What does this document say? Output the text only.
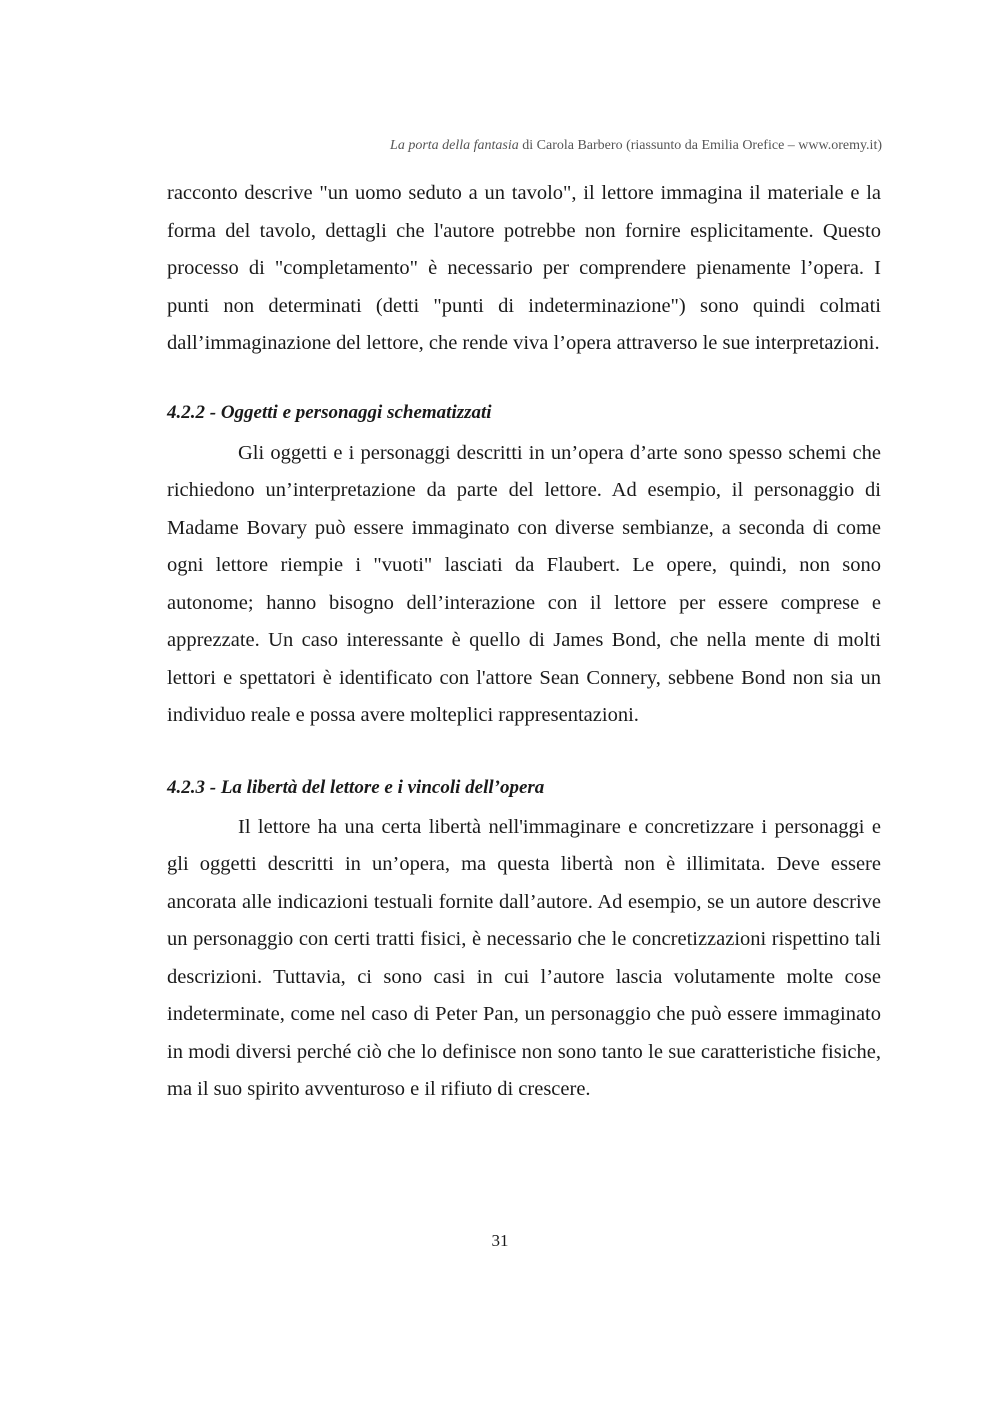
La porta della fantasia di Carola Barbero (riassunto da Emilia Orefice – www.oremy.it)

racconto descrive "un uomo seduto a un tavolo", il lettore immagina il materiale e la forma del tavolo, dettagli che l'autore potrebbe non fornire esplicitamente. Questo processo di "completamento" è necessario per comprendere pienamente l’opera. I punti non determinati (detti "punti di indeterminazione") sono quindi colmati dall’immaginazione del lettore, che rende viva l’opera attraverso le sue interpretazioni.

4.2.2 - Oggetti e personaggi schematizzati

Gli oggetti e i personaggi descritti in un’opera d’arte sono spesso schemi che richiedono un’interpretazione da parte del lettore. Ad esempio, il personaggio di Madame Bovary può essere immaginato con diverse sembianze, a seconda di come ogni lettore riempie i "vuoti" lasciati da Flaubert. Le opere, quindi, non sono autonome; hanno bisogno dell’interazione con il lettore per essere comprese e apprezzate. Un caso interessante è quello di James Bond, che nella mente di molti lettori e spettatori è identificato con l'attore Sean Connery, sebbene Bond non sia un individuo reale e possa avere molteplici rappresentazioni.

4.2.3 - La libertà del lettore e i vincoli dell’opera

Il lettore ha una certa libertà nell'immaginare e concretizzare i personaggi e gli oggetti descritti in un’opera, ma questa libertà non è illimitata. Deve essere ancorata alle indicazioni testuali fornite dall’autore. Ad esempio, se un autore descrive un personaggio con certi tratti fisici, è necessario che le concretizzazioni rispettino tali descrizioni. Tuttavia, ci sono casi in cui l’autore lascia volutamente molte cose indeterminate, come nel caso di Peter Pan, un personaggio che può essere immaginato in modi diversi perché ciò che lo definisce non sono tanto le sue caratteristiche fisiche, ma il suo spirito avventuroso e il rifiuto di crescere.

31
